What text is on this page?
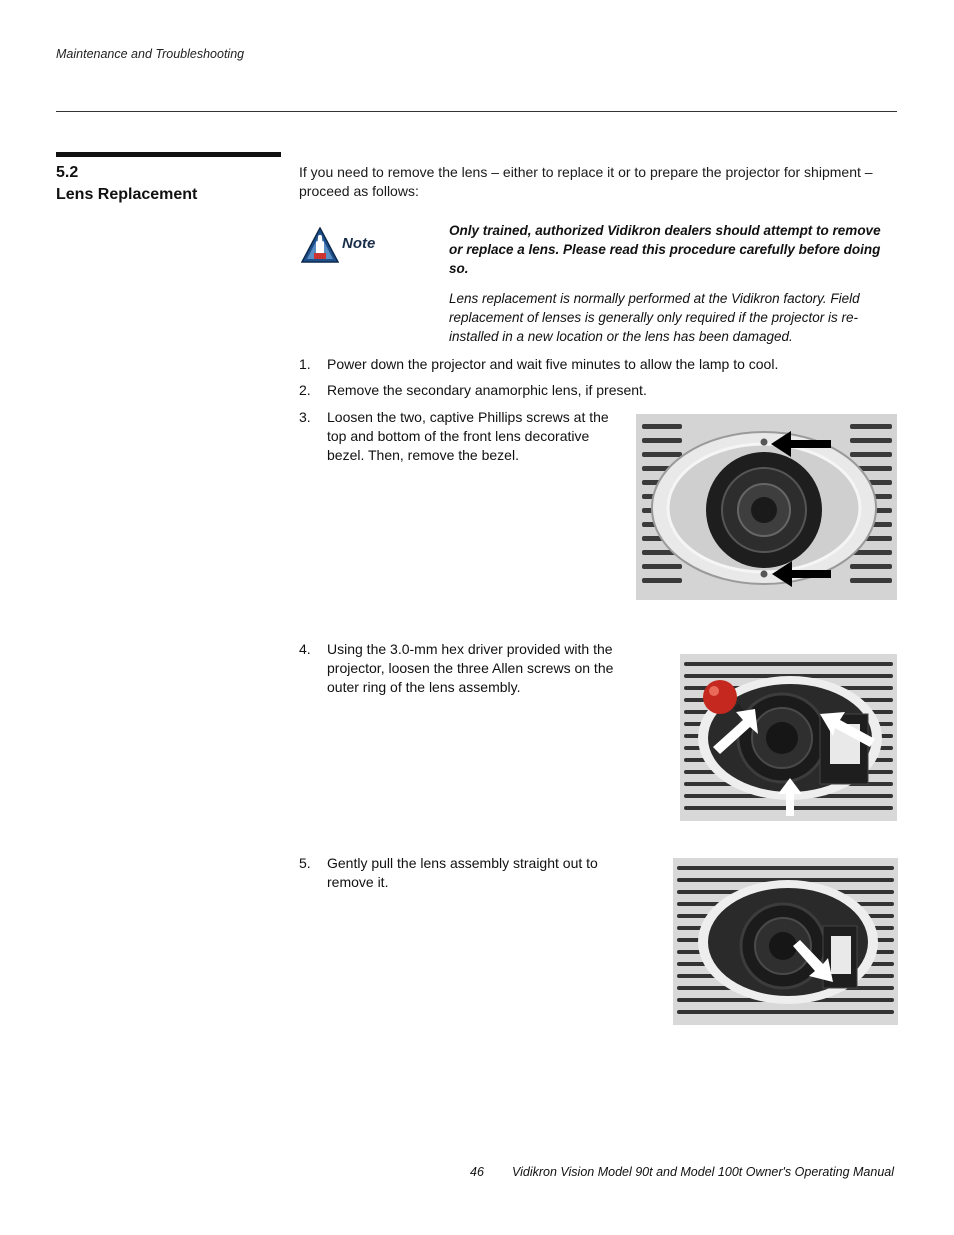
Maintenance and Troubleshooting
5.2
Lens Replacement
If you need to remove the lens – either to replace it or to prepare the projector for shipment – proceed as follows:
Note
Only trained, authorized Vidikron dealers should attempt to remove or replace a lens. Please read this procedure carefully before doing so.
Lens replacement is normally performed at the Vidikron factory. Field replacement of lenses is generally only required if the projector is re-installed in a new location or the lens has been damaged.
1.	Power down the projector and wait five minutes to allow the lamp to cool.
2.	Remove the secondary anamorphic lens, if present.
3.	Loosen the two, captive Phillips screws at the top and bottom of the front lens decorative bezel. Then, remove the bezel.
4.	Using the 3.0-mm hex driver provided with the projector, loosen the three Allen screws on the outer ring of the lens assembly.
5.	Gently pull the lens assembly straight out to remove it.
46 Vidikron Vision Model 90t and Model 100t Owner's Operating Manual
